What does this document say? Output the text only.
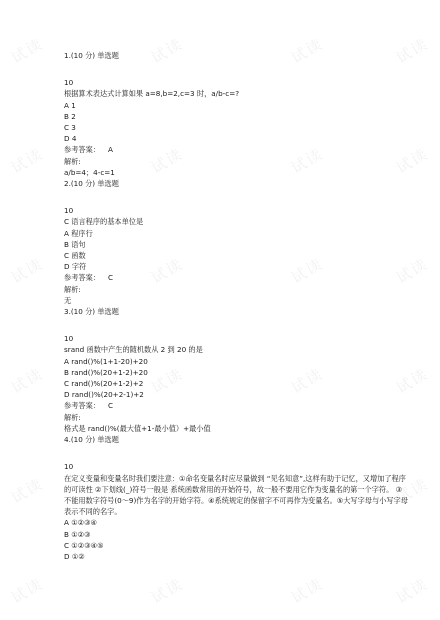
试读	试读	试读	试读
试读	试读	试读	试读
试读	试读	试读	试读
试读	试读	试读	试读
试读	试读	试读	试读
试读	试读	试读	试读
1.(10 分) 单选题
10
根据算术表达式计算如果 a=8,b=2,c=3 时，a/b-c=?
A 1
B 2
C 3
D 4
参考答案： A
解析:
a/b=4；4-c=1
2.(10 分) 单选题
10
C 语言程序的基本单位是
A 程序行
B 语句
C 函数
D 字符
参考答案： C
解析:
无
3.(10 分) 单选题
10
srand 函数中产生的随机数从 2 到 20 的是
A rand()%(1+1-20)+20
B rand()%(20+1-2)+20
C rand()%(20+1-2)+2
D rand()%(20+2-1)+2
参考答案： C
解析:
格式是 rand()%(最大值+1-最小值）+最小值
4.(10 分) 单选题
10
在定义变量和变量名时我们要注意：①命名变量名时应尽量做到 “见名知意”,这样有助于记忆，又增加了程序的可读性 ②下划线(_)符号一般是 系统函数常用的开始符号，故一般不要用它作为变量名的第一个字符。 ③不能用数字符号(0～9)作为名字的开始字符。④系统规定的保留字不可再作为变量名。⑤大写字母与小写字母表示不同的名字。
A ①②③④
B ①②③
C ①②③④⑤
D ①②
